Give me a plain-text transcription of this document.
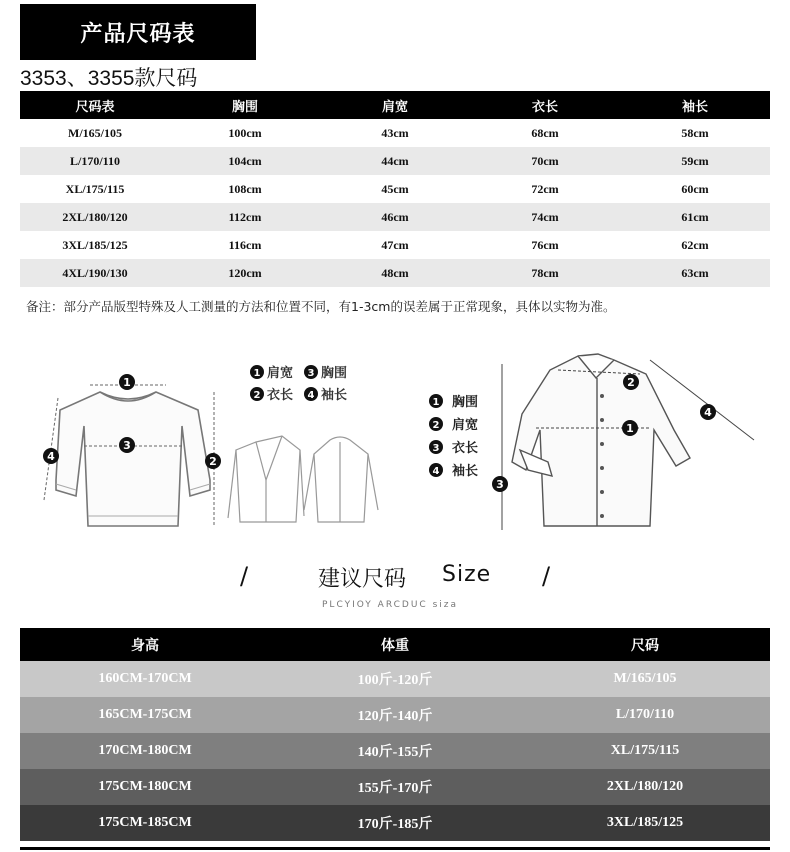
产品尺码表
3353、3355款尺码
尺码表	胸围	肩宽	衣长	袖长
M/165/105	100cm	43cm	68cm	58cm
L/170/110	104cm	44cm	70cm	59cm
XL/175/115	108cm	45cm	72cm	60cm
2XL/180/120	112cm	46cm	74cm	61cm
3XL/185/125	116cm	47cm	76cm	62cm
4XL/190/130	120cm	48cm	78cm	63cm
备注：部分产品版型特殊及人工测量的方法和位置不同，有1-3cm的误差属于正常现象，具体以实物为准。
1
2
3
4
1 肩宽 3 胸围
2 衣长 4 袖长	1 胸围
2 肩宽
3 衣长
4 袖长
1
2
3
4
/	建议尺码 Size /
PLCYIOY ARCDUC siza
身高	体重	尺码
160CM-170CM	100斤-120斤	M/165/105
165CM-175CM	120斤-140斤	L/170/110
170CM-180CM	140斤-155斤	XL/175/115
175CM-180CM	155斤-170斤	2XL/180/120
175CM-185CM	170斤-185斤	3XL/185/125
